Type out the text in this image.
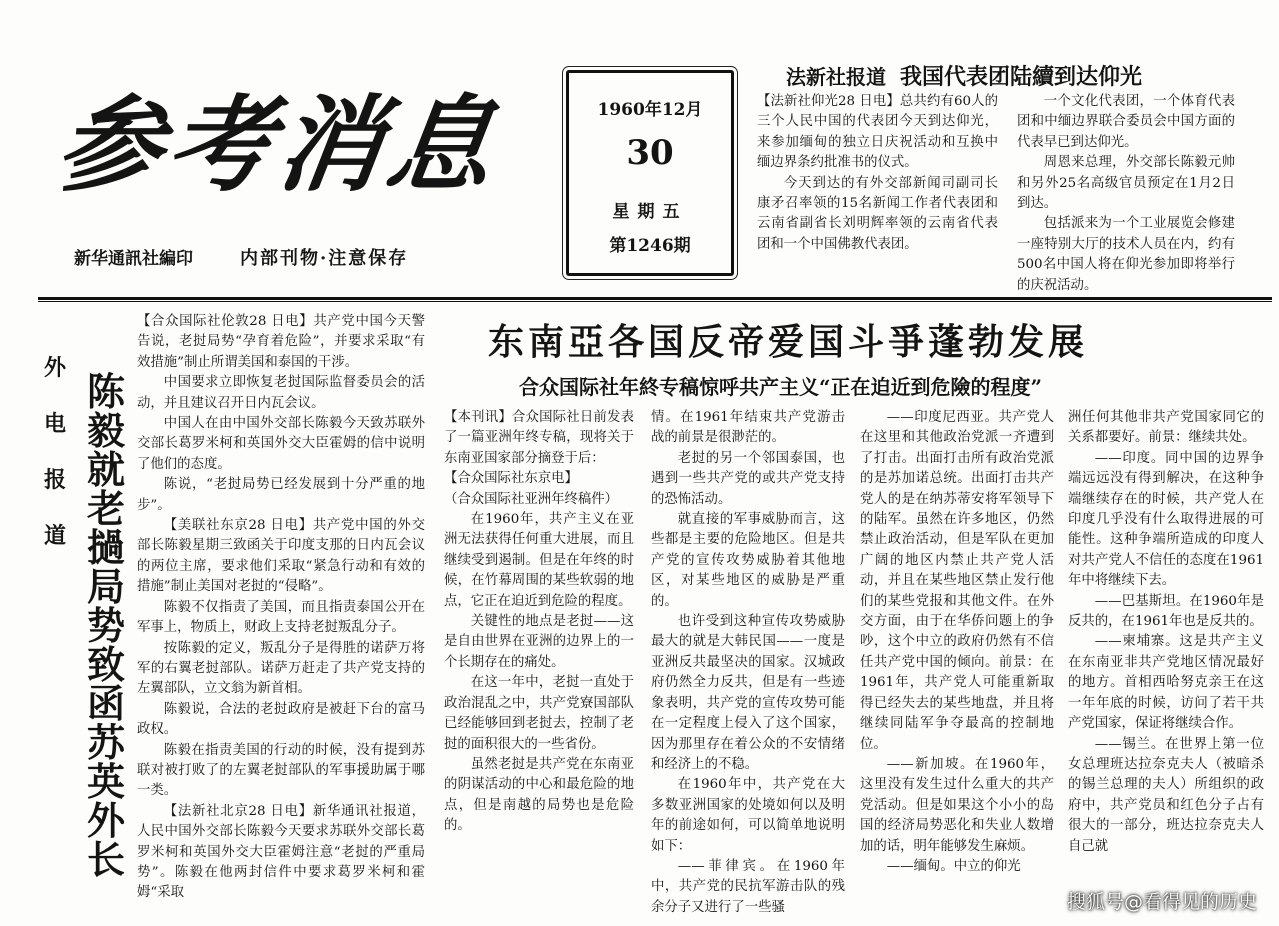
参考消息
新华通訊社編印	内部刊物·注意保存
1960年12月
30
星期五
第1246期
法新社报道 我国代表团陆續到达仰光

【法新社仰光28 日电】总共约有60人的三个人民中国的代表团今天到达仰光，来参加缅甸的独立日庆祝活动和互换中缅边界条约批准书的仪式。

今天到达的有外交部新闻司副司长康矛召率领的15名新闻工作者代表团和云南省副省长刘明辉率领的云南省代表团和一个中国佛教代表团。

一个文化代表团，一个体育代表团和中缅边界联合委员会中国方面的代表早已到达仰光。

周恩来总理，外交部长陈毅元帅和另外25名高级官员预定在1月2日到达。

包括派来为一个工业展览会修建一座特别大厅的技术人员在内，约有500名中国人将在仰光参加即将举行的庆祝活动。

外
电
报
道
陈
毅
就
老
撾
局
势
致
函
苏
英
外
长

【合众国际社伦敦28 日电】共产党中国今天警告说，老挝局势“孕育着危险”，并要求采取“有效措施”制止所谓美国和泰国的干涉。

中国要求立即恢复老挝国际监督委员会的活动，并且建议召开日内瓦会议。

中国人在由中国外交部长陈毅今天致苏联外交部长葛罗米柯和英国外交大臣霍姆的信中说明了他们的态度。

陈说，“老挝局势已经发展到十分严重的地步”。

【美联社东京28 日电】共产党中国的外交部长陈毅星期三致函关于印度支那的日内瓦会议的两位主席，要求他们采取“紧急行动和有效的措施”制止美国对老挝的“侵略”。

陈毅不仅指责了美国，而且指责泰国公开在军事上，物质上，财政上支持老挝叛乱分子。

按陈毅的定义，叛乱分子是得胜的诺萨万将军的右翼老挝部队。诺萨万赶走了共产党支持的左翼部队，立文翁为新首相。

陈毅说，合法的老挝政府是被赶下台的富马政权。

陈毅在指责美国的行动的时候，没有提到苏联对被打败了的左翼老挝部队的军事援助属于哪一类。

【法新社北京28 日电】新华通讯社报道，人民中国外交部长陈毅今天要求苏联外交部长葛罗米柯和英国外交大臣霍姆注意“老挝的严重局势”。陈毅在他两封信件中要求葛罗米柯和霍姆“采取

东南亞各国反帝爱国斗爭蓬勃发展
合众国际社年終专稿惊呼共产主义“正在迫近到危險的程度”

【本刊讯】合众国际社日前发表了一篇亚洲年终专稿，现将关于东南亚国家部分摘登于后：

【合众国际社东京电】

（合众国际社亚洲年终稿件）

在1960年，共产主义在亚洲无法获得任何重大进展，而且继续受到遏制。但是在年终的时候，在竹幕周围的某些软弱的地点，它正在迫近到危险的程度。

关键性的地点是老挝——这是自由世界在亚洲的边界上的一个长期存在的痛处。

在这一年中，老挝一直处于政治混乱之中，共产党寮国部队已经能够回到老挝去，控制了老挝的面积很大的一些省份。

虽然老挝是共产党在东南亚的阴谋活动的中心和最危险的地点，但是南越的局势也是危险的。

情。在1961年结束共产党游击战的前景是很渺茫的。

老挝的另一个邻国泰国，也遇到一些共产党的或共产党支持的恐怖活动。

就直接的军事威胁而言，这些都是主要的危险地区。但是共产党的宣传攻势威胁着其他地区，对某些地区的威胁是严重的。

也许受到这种宣传攻势威胁最大的就是大韩民国——一度是亚洲反共最坚决的国家。汉城政府仍然全力反共，但是有一些迹象表明，共产党的宣传攻势可能在一定程度上侵入了这个国家，因为那里存在着公众的不安情绪和经济上的不稳。

在1960年中，共产党在大多数亚洲国家的处境如何以及明年的前途如何，可以简单地说明如下：

——菲律宾。在1960年中，共产党的民抗军游击队的残余分子又进行了一些骚

——印度尼西亚。共产党人在这里和其他政治党派一齐遭到了打击。出面打击所有政治党派的是苏加诺总统。出面打击共产党人的是在纳苏蒂安将军领导下的陆军。虽然在许多地区，仍然禁止政治活动，但是军队在更加广阔的地区内禁止共产党人活动，并且在某些地区禁止发行他们的某些党报和其他文件。在外交方面，由于在华侨问题上的争吵，这个中立的政府仍然有不信任共产党中国的倾向。前景：在1961年，共产党人可能重新取得已经失去的某些地盘，并且将继续同陆军争夺最高的控制地位。

——新加坡。在1960年，这里没有发生过什么重大的共产党活动。但是如果这个小小的岛国的经济局势恶化和失业人数增加的话，明年能够发生麻烦。

——缅甸。中立的仰光

洲任何其他非共产党国家同它的关系都要好。前景：继续共处。

——印度。同中国的边界争端远远没有得到解决，在这种争端继续存在的时候，共产党人在印度几乎没有什么取得进展的可能性。这种争端所造成的印度人对共产党人不信任的态度在1961年中将继续下去。

——巴基斯坦。在1960年是反共的，在1961年也是反共的。

——柬埔寨。这是共产主义在东南亚非共产党地区情况最好的地方。首相西哈努克亲王在这一年年底的时候，访问了若干共产党国家，保证将继续合作。

——锡兰。在世界上第一位女总理班达拉奈克夫人（被暗杀的锡兰总理的夫人）所组织的政府中，共产党员和红色分子占有很大的一部分，班达拉奈克夫人自己就

搜狐号@看得见的历史
